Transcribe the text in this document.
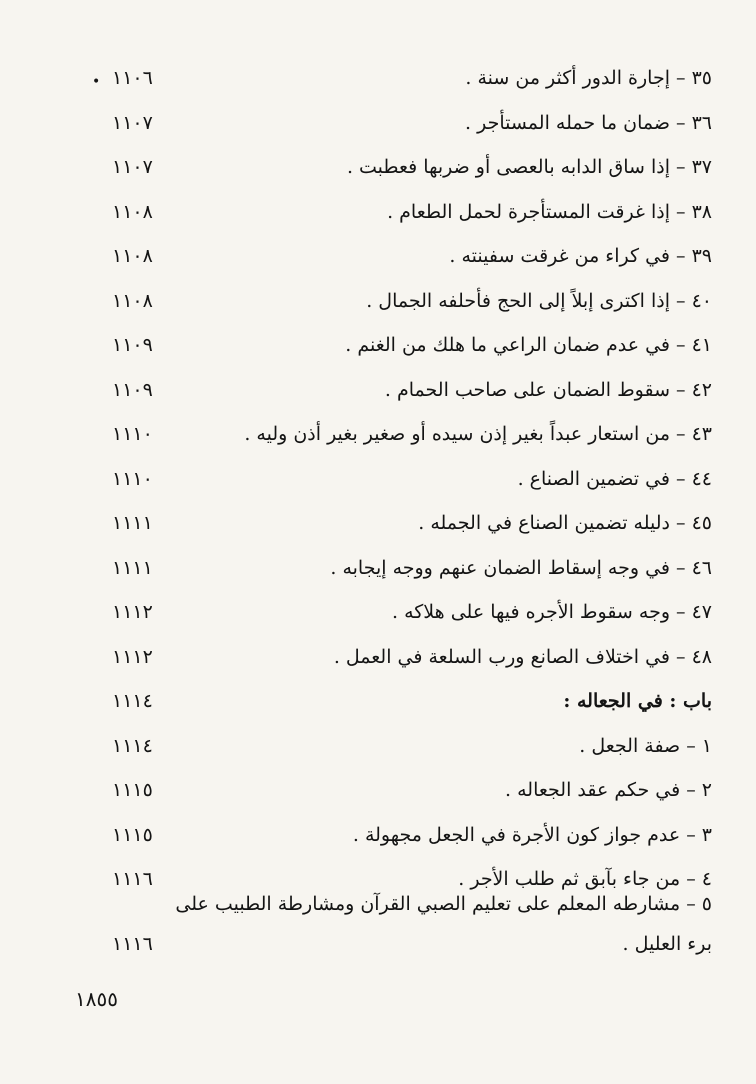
•	٣٥ – إجارة الدور أكثر من سنة .
١١٠٦
٣٦ – ضمان ما حمله المستأجر .
١١٠٧
٣٧ – إذا ساق الدابه بالعصى أو ضربها فعطبت .
١١٠٧
٣٨ – إذا غرقت المستأجرة لحمل الطعام .
١١٠٨
٣٩ – في كراء من غرقت سفينته .
١١٠٨
٤٠ – إذا اكترى إبلاً إلى الحج فأحلفه الجمال .
١١٠٨
٤١ – في عدم ضمان الراعي ما هلك من الغنم .
١١٠٩
٤٢ – سقوط الضمان على صاحب الحمام .
١١٠٩
٤٣ – من استعار عبداً بغير إذن سيده أو صغير بغير أذن وليه .
١١١٠
٤٤ – في تضمين الصناع .
١١١٠
٤٥ – دليله تضمين الصناع في الجمله .
١١١١
٤٦ – في وجه إسقاط الضمان عنهم ووجه إيجابه .
١١١١
٤٧ – وجه سقوط الأجره فيها على هلاكه .
١١١٢
٤٨ – في اختلاف الصانع ورب السلعة في العمل .
١١١٢
باب : في الجعاله :
١١١٤
١ – صفة الجعل .
١١١٤
٢ – في حكم عقد الجعاله .
١١١٥
٣ – عدم جواز كون الأجرة في الجعل مجهولة .
١١١٥
٤ – من جاء بآبق ثم طلب الأجر .
١١١٦
٥ – مشارطه المعلم على تعليم الصبي القرآن ومشارطة الطبيب على
برء العليل .
١١١٦
١٨٥٥
